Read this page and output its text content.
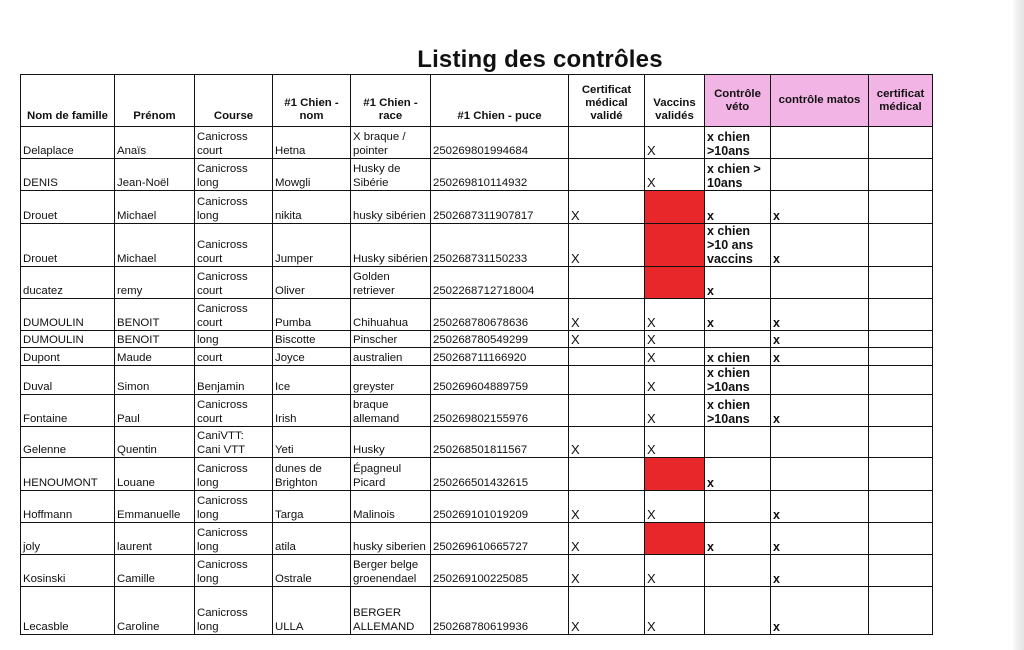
Listing des contrôles
Nom de famille	Prénom	Course	#1 Chien - nom	#1 Chien - race	#1 Chien - puce	Certificat médical validé	Vaccins validés	Contrôle véto	contrôle matos	certificat médical
Delaplace	Anaïs	Canicross court	Hetna	X braque / pointer	250269801994684		X	x chien >10ans		
DENIS	Jean-Noël	Canicross long	Mowgli	Husky de Sibérie	250269810114932		X	x chien > 10ans		
Drouet	Michael	Canicross long	nikita	husky sibérien	250268731190781​7	X		x	x	
Drouet	Michael	Canicross court	Jumper	Husky sibérien	250268731150233	X		x chien >10 ans vaccins	x	
ducatez	remy	Canicross court	Oliver	Golden retriever	250226871271800​4			x		
DUMOULIN	BENOIT	Canicross court	Pumba	Chihuahua	250268780678636	X	X	x	x	
DUMOULIN	BENOIT	long	Biscotte	Pinscher	250268780549299	X	X		x	
Dupont	Maude	court	Joyce	australien	250268711166920		X	x chien	x	
Duval	Simon	Benjamin	Ice	greyster	250269604889759		X	x chien >10ans		
Fontaine	Paul	Canicross court	Irish	braque allemand	250269802155976		X	x chien >10ans	x	
Gelenne	Quentin	CaniVTT: Cani VTT	Yeti	Husky	250268501811567	X	X			
HENOUMONT	Louane	Canicross long	dunes de Brighton	Épagneul Picard	250266501432615			x		
Hoffmann	Emmanuelle	Canicross long	Targa	Malinois	250269101019209	X	X		x	
joly	laurent	Canicross long	atila	husky siberien	250269610665727	X		x	x	
Kosinski	Camille	Canicross long	Ostrale	Berger belge groenendael	250269100225085	X	X		x	
Lecasble	Caroline	Canicross long	ULLA	BERGER ALLEMAND	250268780619936	X	X		x	
